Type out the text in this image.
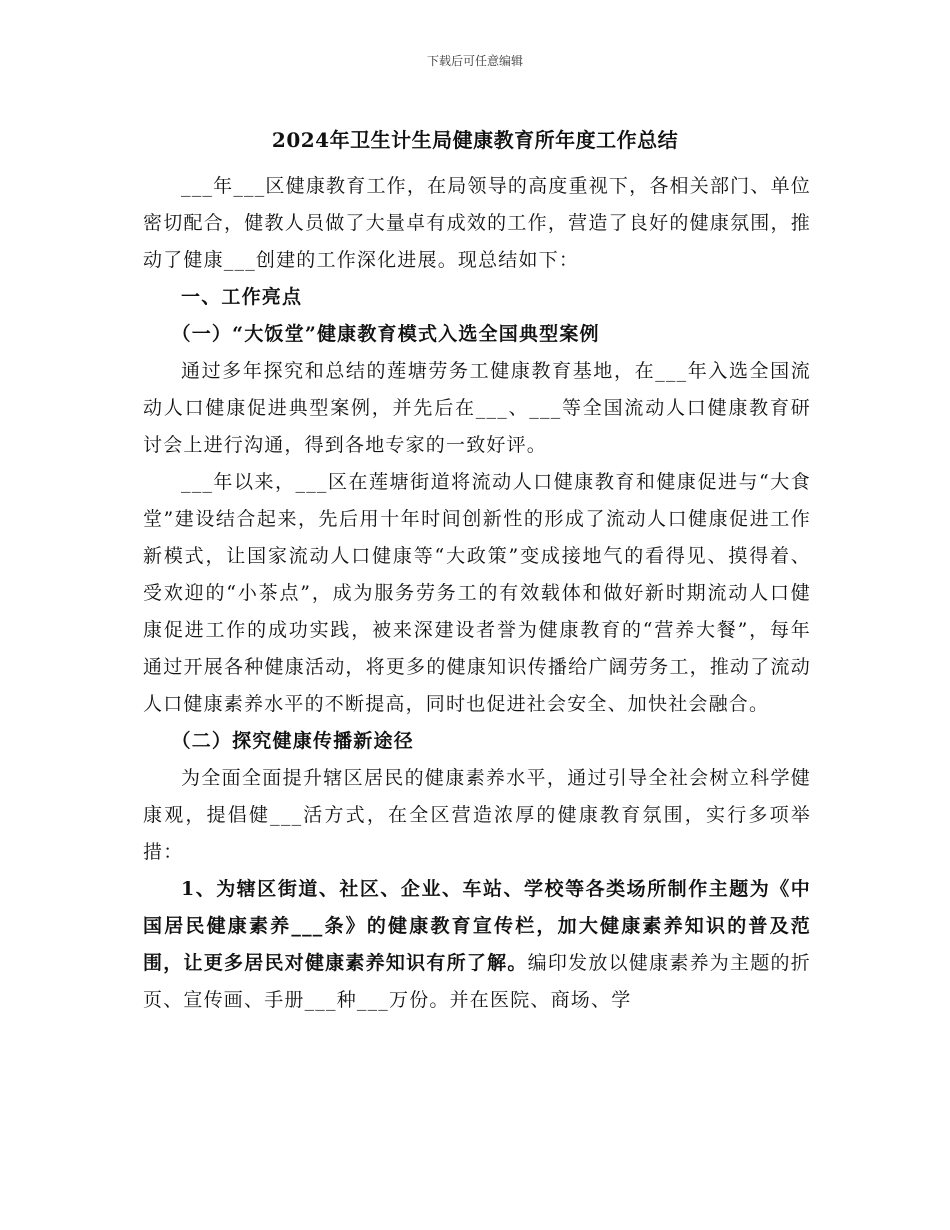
下载后可任意编辑
2024年卫生计生局健康教育所年度工作总结

___年___区健康教育工作，在局领导的高度重视下，各相关部门、单位密切配合，健教人员做了大量卓有成效的工作，营造了良好的健康氛围，推动了健康___创建的工作深化进展。现总结如下：

一、工作亮点

（一）“大饭堂”健康教育模式入选全国典型案例

通过多年探究和总结的莲塘劳务工健康教育基地，在___年入选全国流动人口健康促进典型案例，并先后在___、___等全国流动人口健康教育研讨会上进行沟通，得到各地专家的一致好评。

___年以来，___区在莲塘街道将流动人口健康教育和健康促进与“大食堂”建设结合起来，先后用十年时间创新性的形成了流动人口健康促进工作新模式，让国家流动人口健康等“大政策”变成接地气的看得见、摸得着、受欢迎的“小茶点”，成为服务劳务工的有效载体和做好新时期流动人口健康促进工作的成功实践，被来深建设者誉为健康教育的“营养大餐”，每年通过开展各种健康活动，将更多的健康知识传播给广阔劳务工，推动了流动人口健康素养水平的不断提高，同时也促进社会安全、加快社会融合。

（二）探究健康传播新途径

为全面全面提升辖区居民的健康素养水平，通过引导全社会树立科学健康观，提倡健___活方式，在全区营造浓厚的健康教育氛围，实行多项举措：

1、为辖区街道、社区、企业、车站、学校等各类场所制作主题为《中国居民健康素养___条》的健康教育宣传栏，加大健康素养知识的普及范围，让更多居民对健康素养知识有所了解。编印发放以健康素养为主题的折页、宣传画、手册___种___万份。并在医院、商场、学
